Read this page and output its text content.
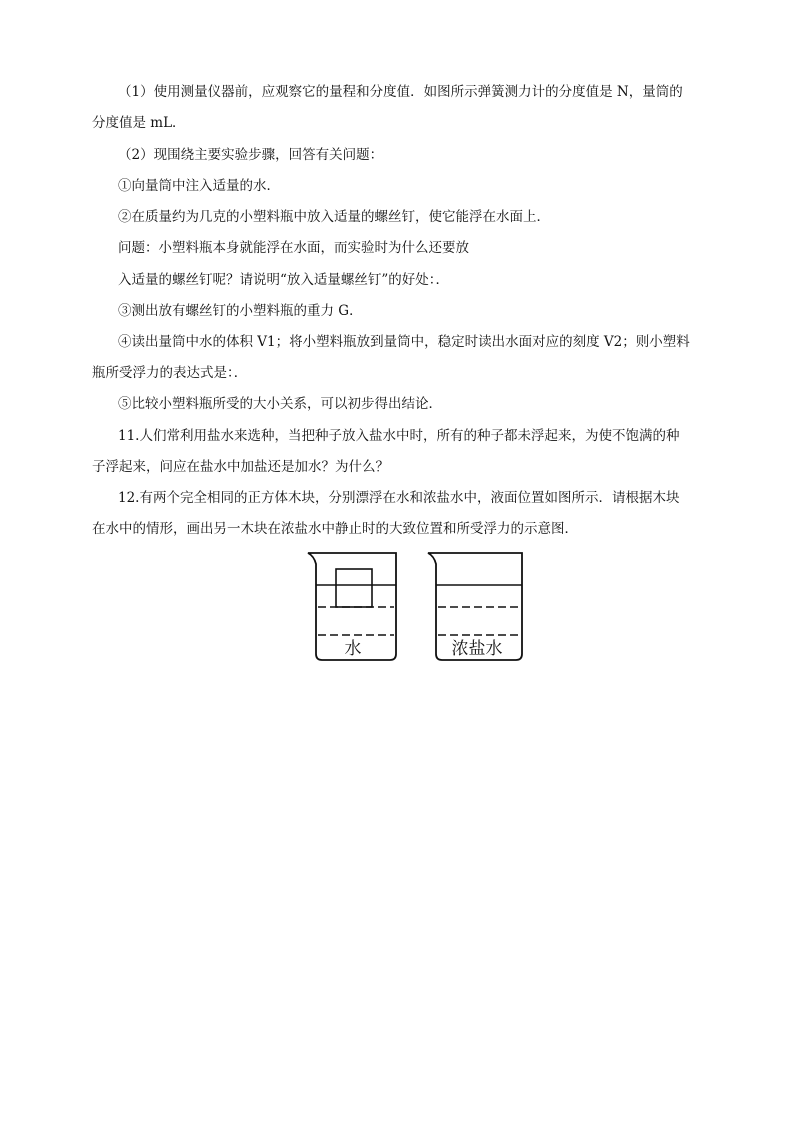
（1）使用测量仪器前，应观察它的量程和分度值．如图所示弹簧测力计的分度值是 N，量筒的
分度值是 mL．
（2）现围绕主要实验步骤，回答有关问题：
①向量筒中注入适量的水．
②在质量约为几克的小塑料瓶中放入适量的螺丝钉，使它能浮在水面上．
问题：小塑料瓶本身就能浮在水面，而实验时为什么还要放
入适量的螺丝钉呢？请说明“放入适量螺丝钉”的好处：．
③测出放有螺丝钉的小塑料瓶的重力 G．
④读出量筒中水的体积 V1；将小塑料瓶放到量筒中，稳定时读出水面对应的刻度 V2；则小塑料
瓶所受浮力的表达式是：．
⑤比较小塑料瓶所受的大小关系，可以初步得出结论．
11.人们常利用盐水来选种，当把种子放入盐水中时，所有的种子都未浮起来，为使不饱满的种
子浮起来，问应在盐水中加盐还是加水？为什么？
12.有两个完全相同的正方体木块，分别漂浮在水和浓盐水中，液面位置如图所示．请根据木块
在水中的情形，画出另一木块在浓盐水中静止时的大致位置和所受浮力的示意图．
水	浓盐水
